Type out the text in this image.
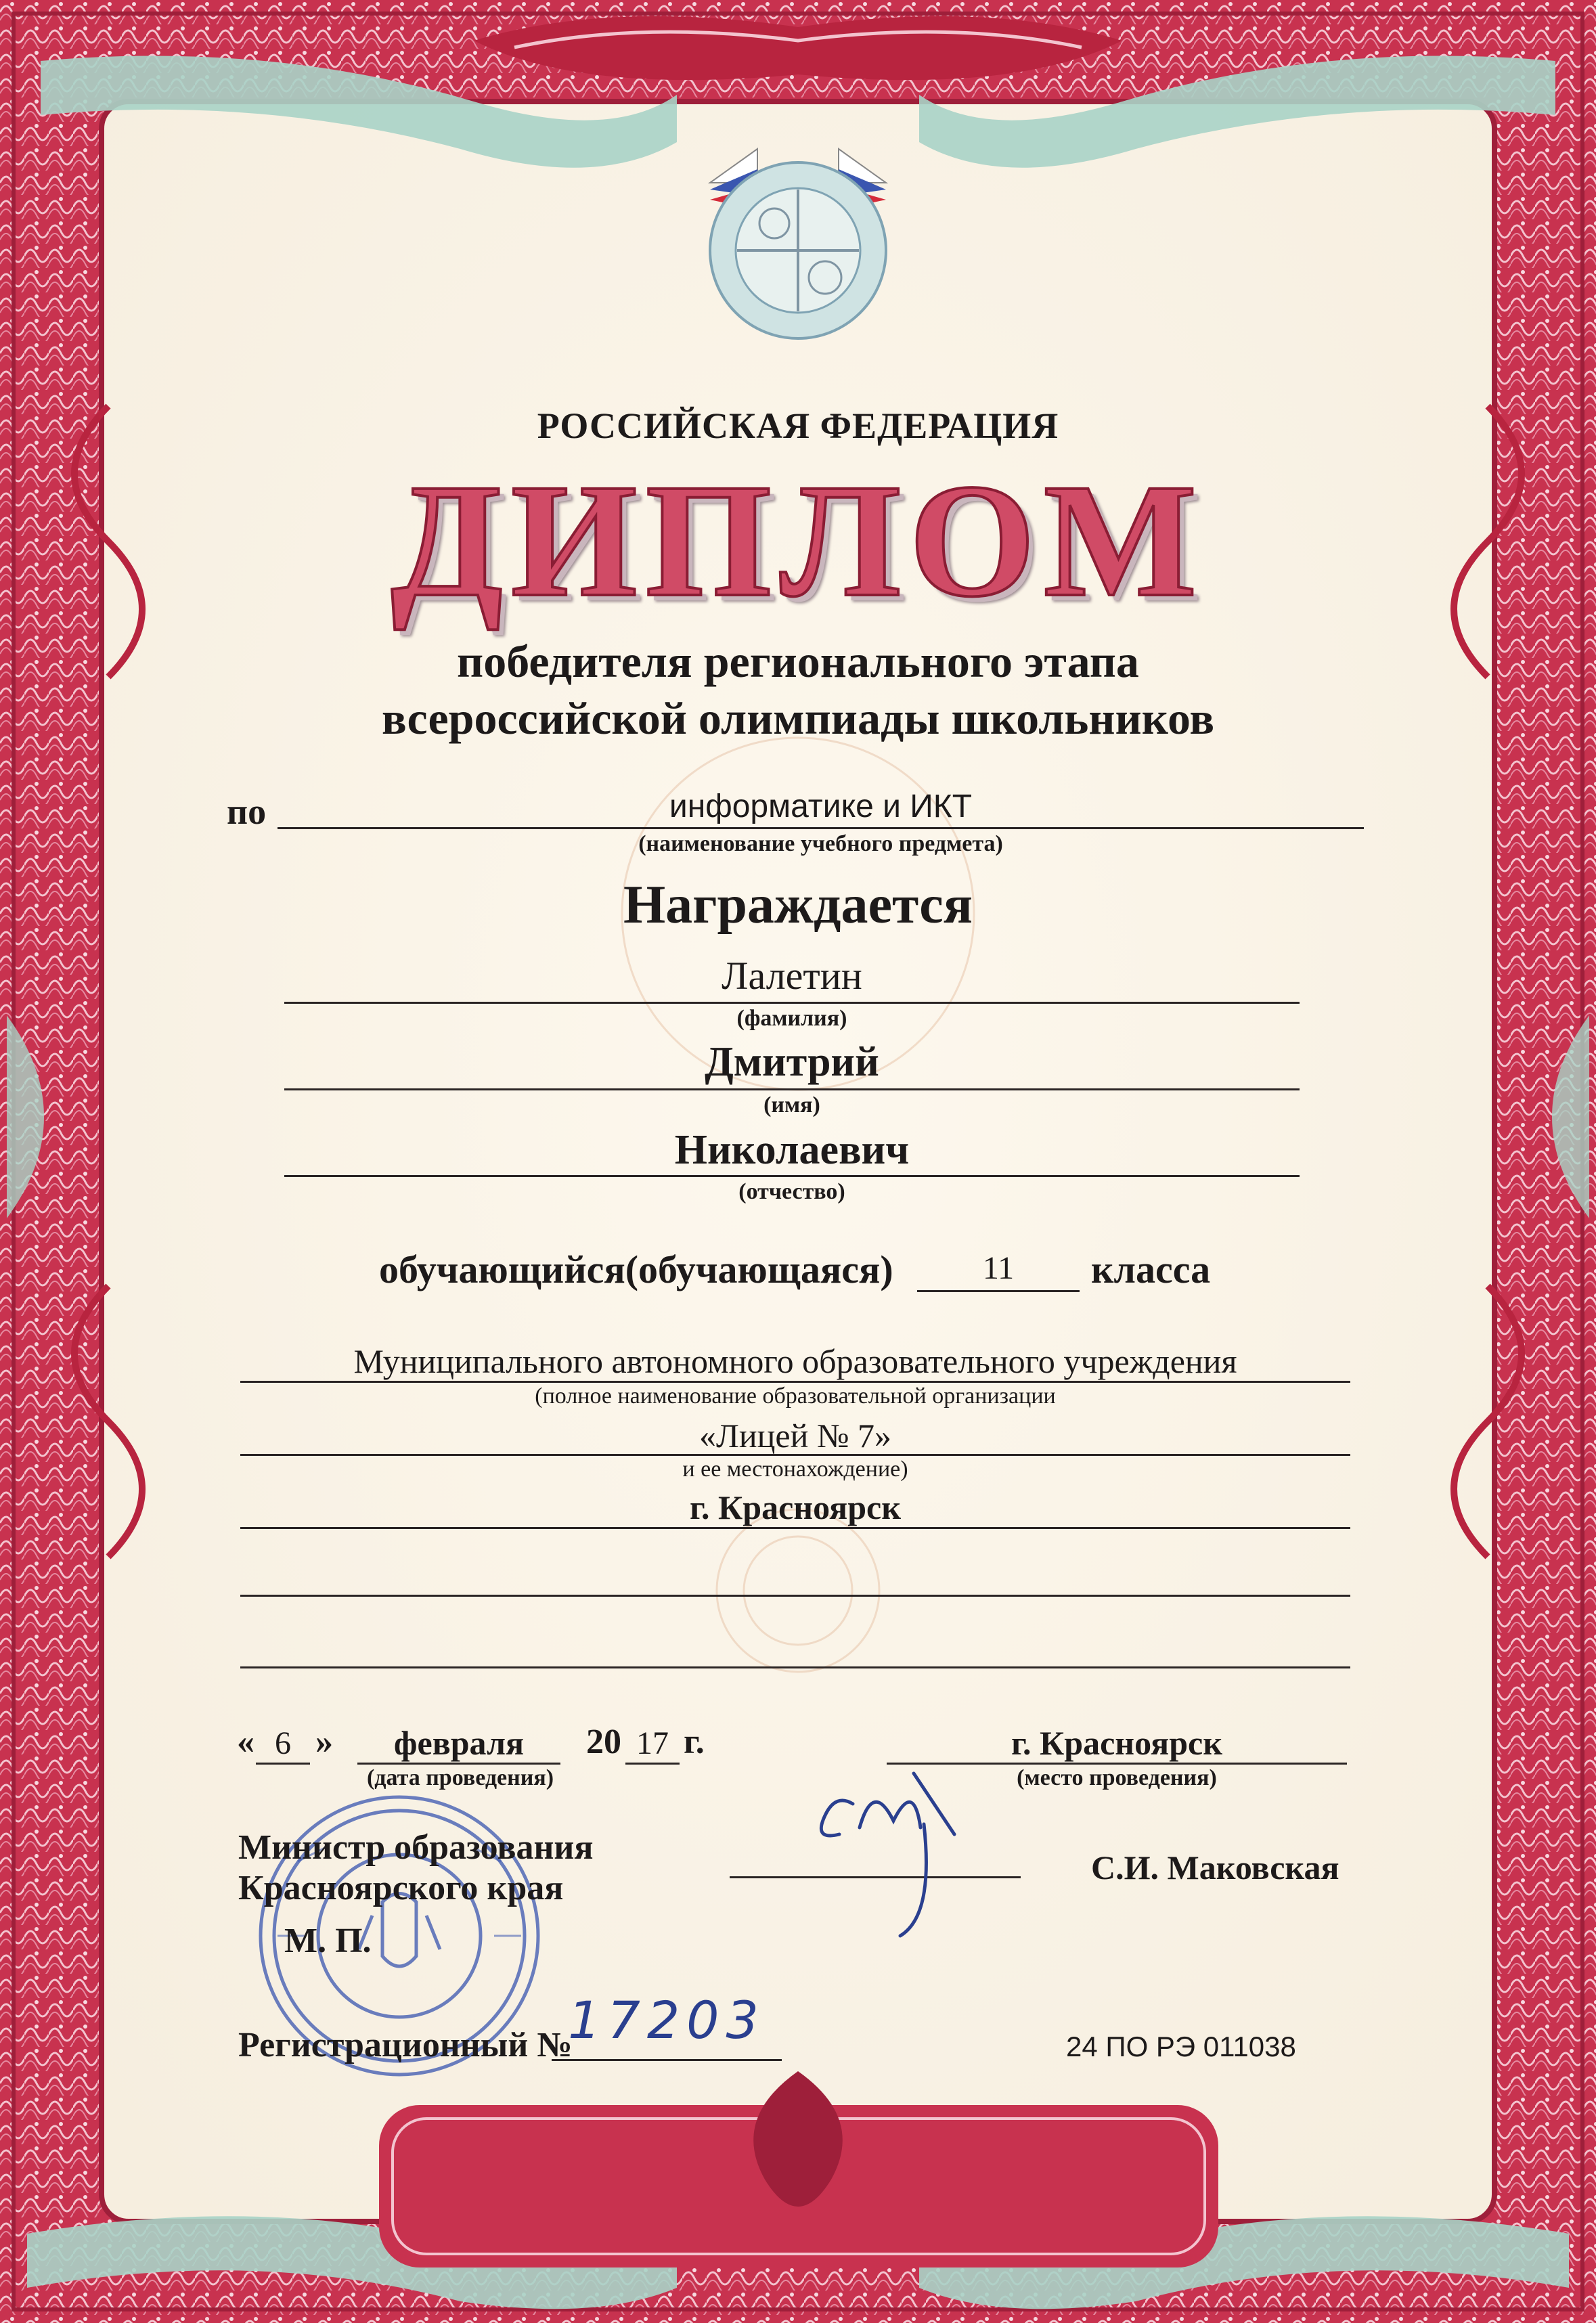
РОССИЙСКАЯ ФЕДЕРАЦИЯ
ДИПЛОМ
победителя регионального этапа
всероссийской олимпиады школьников
по	информатике и ИКТ
(наименование учебного предмета)
Награждается
Лалетин
(фамилия)
Дмитрий
(имя)
Николаевич
(отчество)
обучающийся(обучающаяся)	11	класса
Муниципального автономного образовательного учреждения
(полное наименование образовательной организации
«Лицей № 7»
и ее местонахождение)
г. Красноярск
« 6 »	февраля	20 17 г.
(дата проведения)
г. Красноярск
(место проведения)
Министр образования
Красноярского края
М. П.
С.И. Маковская
Регистрационный №
17203	24 ПО РЭ 011038
